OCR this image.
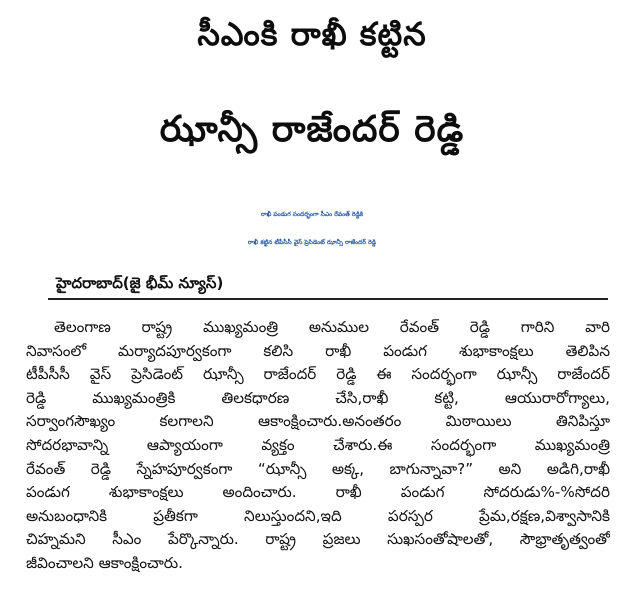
సీఎంకి రాఖీ కట్టిన
ఝాన్సీ రాజేందర్ రెడ్డి
రాఖీ పండుగ సందర్భంగా సీఎం రేవంత్ రెడ్డికి
రాఖీ కట్టిన టీపీసీసీ వైస్ ప్రెసిడెంట్ ఝాన్సీ రాజేందర్ రెడ్డి
హైదరాబాద్(జై భీమ్ న్యూస్)
తెలంగాణ రాష్ట్ర ముఖ్యమంత్రి అనుముల రేవంత్ రెడ్డి గారిని వారి
నివాసంలో మర్యాదపూర్వకంగా కలిసి రాఖీ పండుగ శుభాకాంక్షలు తెలిపిన
టీపీసీసీ వైస్ ప్రెసిడెంట్ ఝాన్సీ రాజేందర్ రెడ్డి ఈ సందర్భంగా ఝాన్సీ రాజేందర్
రెడ్డి ముఖ్యమంత్రికి తిలకధారణ చేసి,రాఖీ కట్టి, ఆయురారోగ్యాలు,
సర్వాంగసౌఖ్యం కలగాలని ఆకాంక్షించారు.అనంతరం మిఠాయిలు తినిపిస్తూ
సోదరభావాన్ని ఆప్యాయంగా వ్యక్తం చేశారు.ఈ సందర్భంగా ముఖ్యమంత్రి
రేవంత్ రెడ్డి స్నేహపూర్వకంగా “ఝాన్సీ అక్క, బాగున్నావా?” అని అడిగి,రాఖీ
పండుగ శుభాకాంక్షలు అందించారు. రాఖీ పండుగ సోదరుడు%-%సోదరి
అనుబంధానికి ప్రతీకగా నిలుస్తుందని,ఇది పరస్పర ప్రేమ,రక్షణ,విశ్వాసానికి
చిహ్నమని సీఎం పేర్కొన్నారు. రాష్ట్ర ప్రజలు సుఖసంతోషాలతో, సౌభ్రాతృత్వంతో
జీవించాలని ఆకాంక్షించారు.
